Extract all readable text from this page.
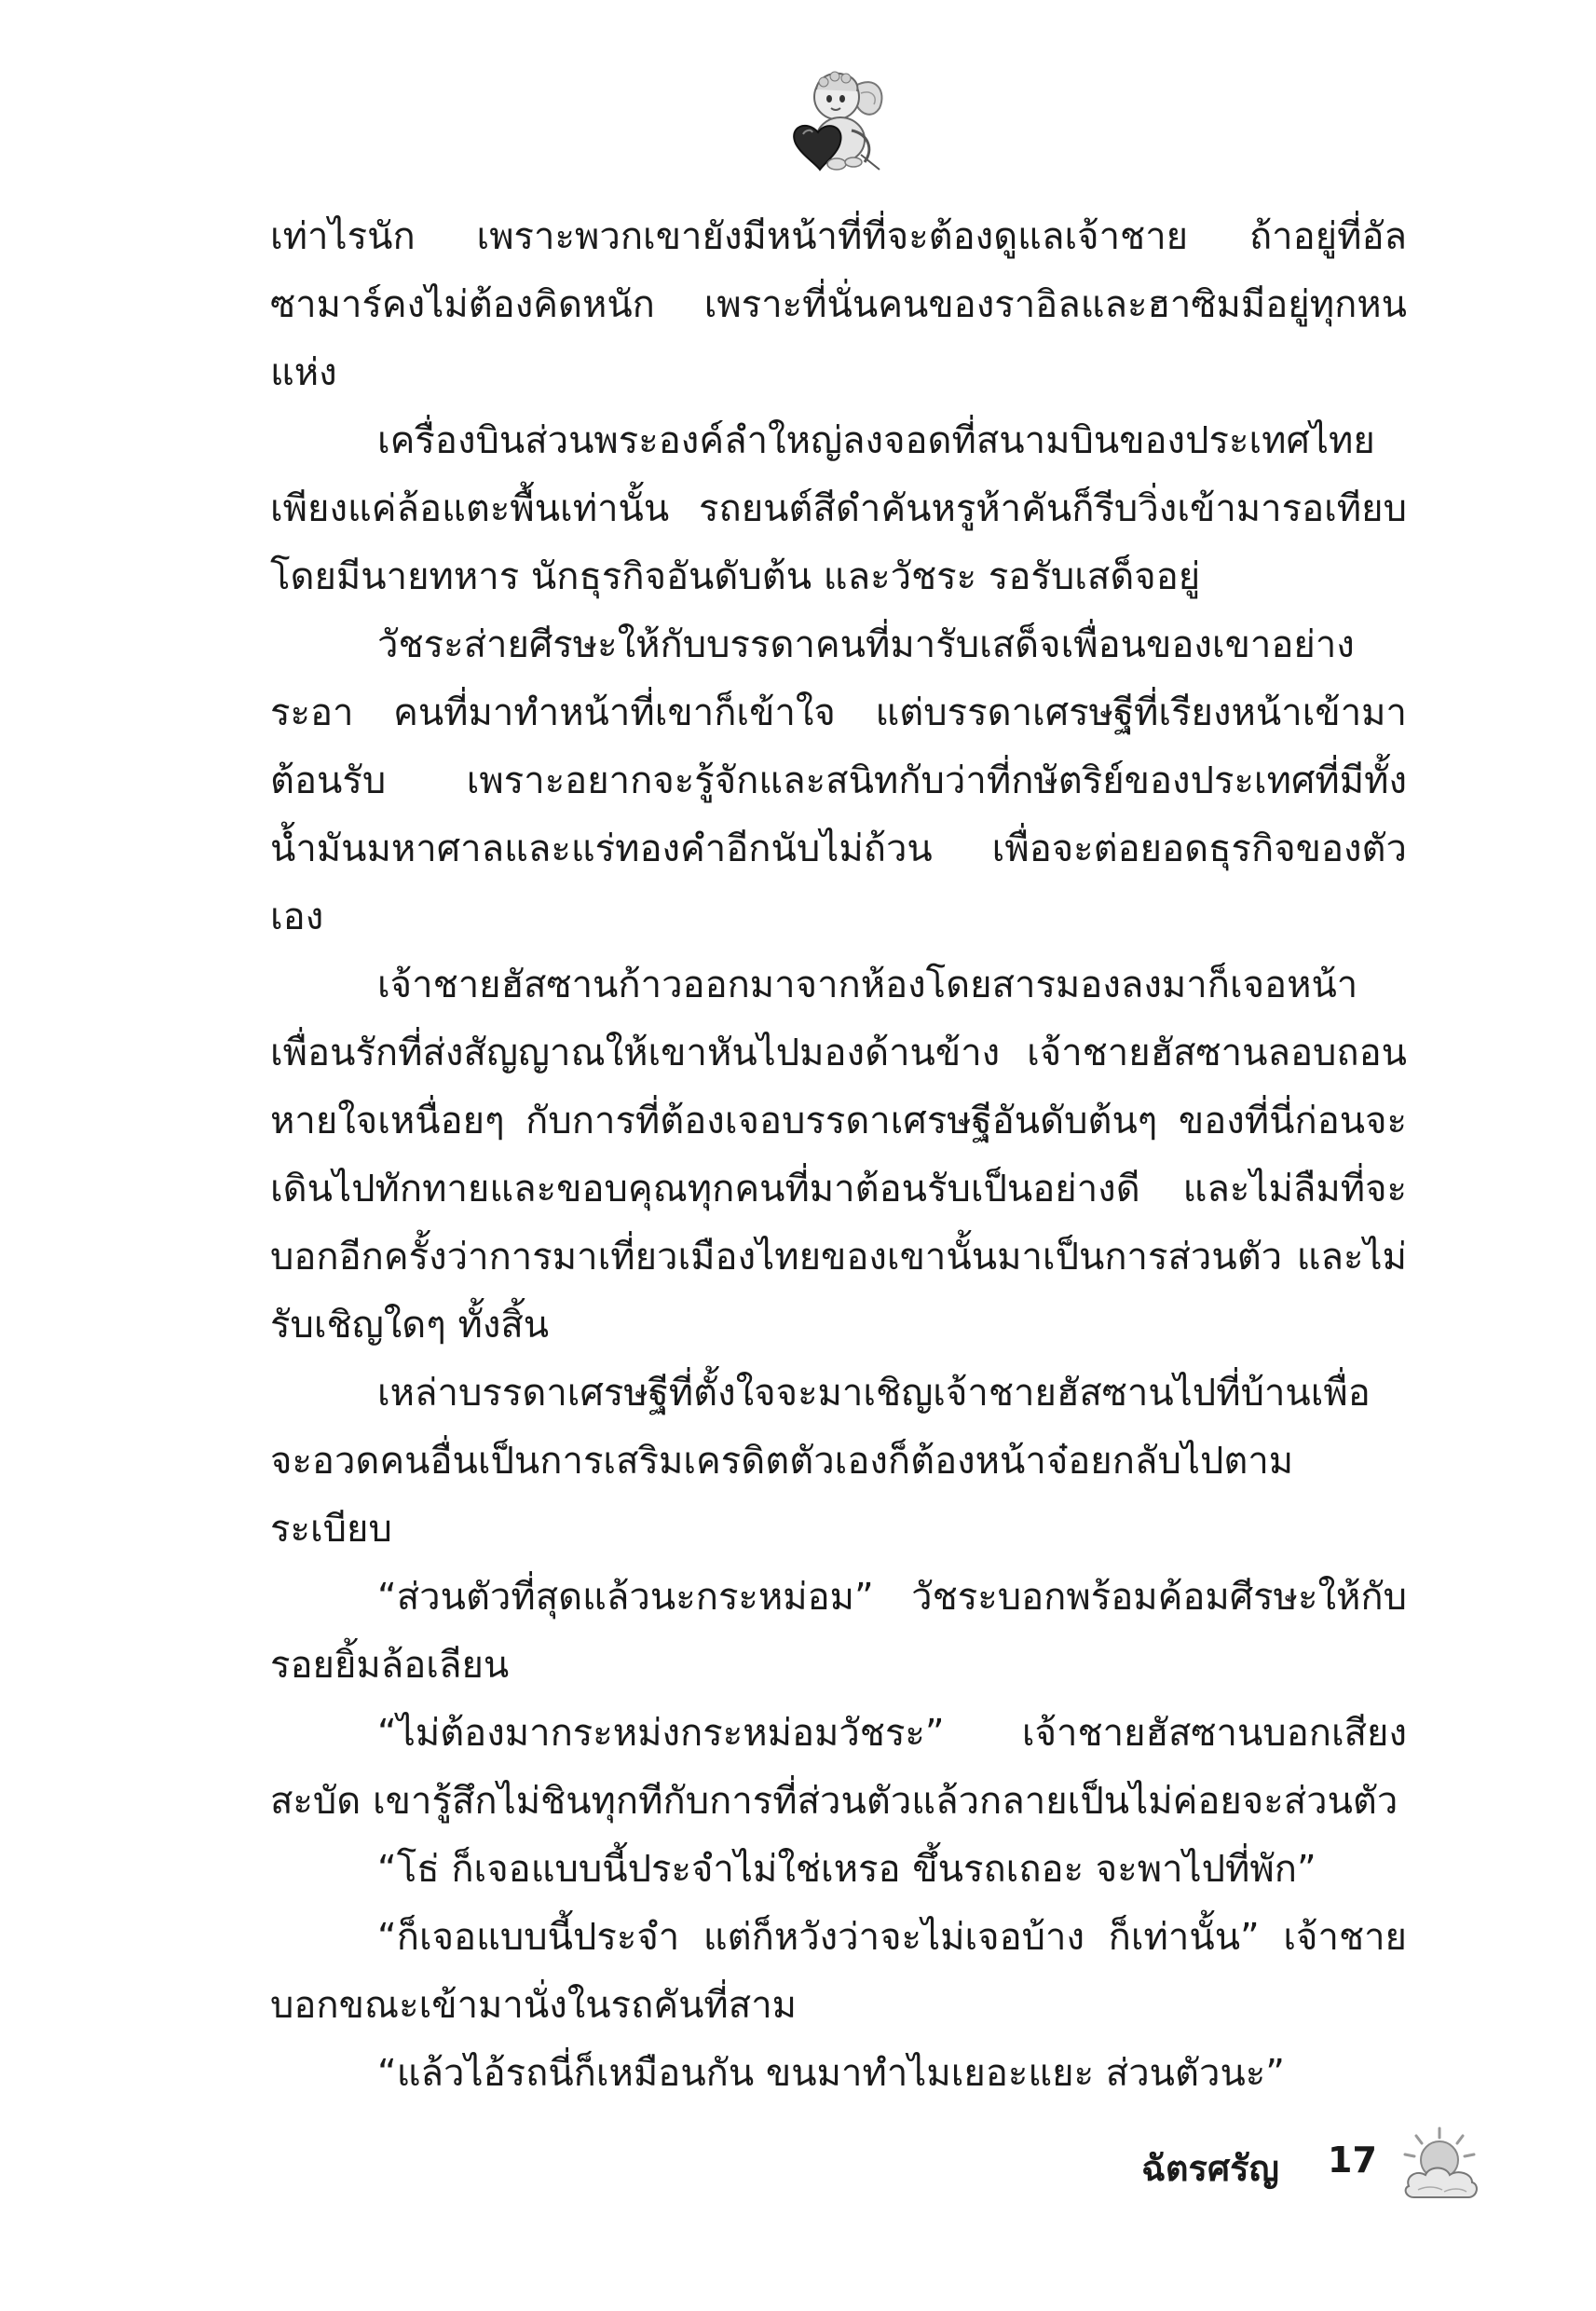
เท่าไรนัก เพราะพวกเขายังมีหน้าที่ที่จะต้องดูแลเจ้าชาย ถ้าอยู่ที่อัลซามาร์คงไม่ต้องคิดหนัก เพราะที่นั่นคนของราอิลและฮาซิมมีอยู่ทุกหนแห่ง

เครื่องบินส่วนพระองค์ลำใหญ่ลงจอดที่สนามบินของประเทศไทยเพียงแค่ล้อแตะพื้นเท่านั้น รถยนต์สีดำคันหรูห้าคันก็รีบวิ่งเข้ามารอเทียบโดยมีนายทหาร นักธุรกิจอันดับต้น และวัชระ รอรับเสด็จอยู่

วัชระส่ายศีรษะให้กับบรรดาคนที่มารับเสด็จเพื่อนของเขาอย่างระอา คนที่มาทำหน้าที่เขาก็เข้าใจ แต่บรรดาเศรษฐีที่เรียงหน้าเข้ามาต้อนรับ เพราะอยากจะรู้จักและสนิทกับว่าที่กษัตริย์ของประเทศที่มีทั้งน้ำมันมหาศาลและแร่ทองคำอีกนับไม่ถ้วน เพื่อจะต่อยอดธุรกิจของตัวเอง

เจ้าชายฮัสซานก้าวออกมาจากห้องโดยสารมองลงมาก็เจอหน้าเพื่อนรักที่ส่งสัญญาณให้เขาหันไปมองด้านข้าง เจ้าชายฮัสซานลอบถอนหายใจเหนื่อยๆ กับการที่ต้องเจอบรรดาเศรษฐีอันดับต้นๆ ของที่นี่ก่อนจะเดินไปทักทายและขอบคุณทุกคนที่มาต้อนรับเป็นอย่างดี และไม่ลืมที่จะบอกอีกครั้งว่าการมาเที่ยวเมืองไทยของเขานั้นมาเป็นการส่วนตัว และไม่รับเชิญใดๆ ทั้งสิ้น

เหล่าบรรดาเศรษฐีที่ตั้งใจจะมาเชิญเจ้าชายฮัสซานไปที่บ้านเพื่อจะอวดคนอื่นเป็นการเสริมเครดิตตัวเองก็ต้องหน้าจ๋อยกลับไปตามระเบียบ

“ส่วนตัวที่สุดแล้วนะกระหม่อม” วัชระบอกพร้อมค้อมศีรษะให้กับรอยยิ้มล้อเลียน

“ไม่ต้องมากระหม่งกระหม่อมวัชระ” เจ้าชายฮัสซานบอกเสียงสะบัด เขารู้สึกไม่ชินทุกทีกับการที่ส่วนตัวแล้วกลายเป็นไม่ค่อยจะส่วนตัว

“โธ่ ก็เจอแบบนี้ประจำไม่ใช่เหรอ ขึ้นรถเถอะ จะพาไปที่พัก”

“ก็เจอแบบนี้ประจำ แต่ก็หวังว่าจะไม่เจอบ้าง ก็เท่านั้น” เจ้าชายบอกขณะเข้ามานั่งในรถคันที่สาม

“แล้วไอ้รถนี่ก็เหมือนกัน ขนมาทำไมเยอะแยะ ส่วนตัวนะ”

ฉัตรศรัญ 17
